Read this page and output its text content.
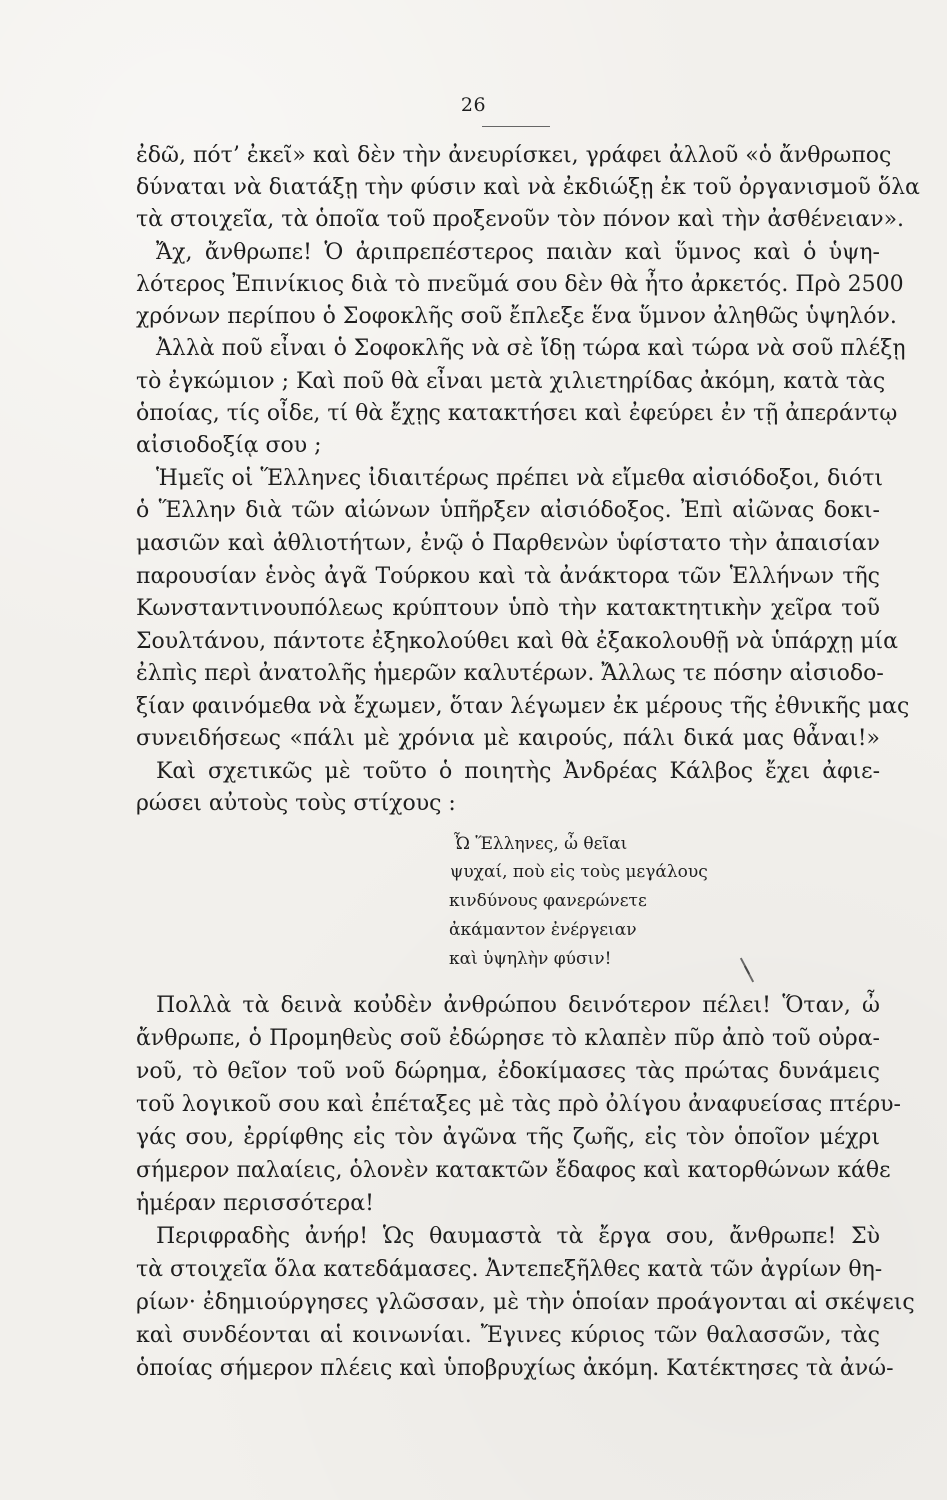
26
ἐδῶ, πότ’ ἐκεῖ» καὶ δὲν τὴν ἀνευρίσκει, γράφει ἀλλοῦ «ὁ ἄνθρωπος
δύναται νὰ διατάξῃ τὴν φύσιν καὶ νὰ ἐκδιώξῃ ἐκ τοῦ ὀργανισμοῦ ὅλα
τὰ στοιχεῖα, τὰ ὁποῖα τοῦ προξενοῦν τὸν πόνον καὶ τὴν ἀσθένειαν».
Ἄχ, ἄνθρωπε! Ὁ ἀριπρεπέστερος παιὰν καὶ ὕμνος καὶ ὁ ὑψη-
λότερος Ἐπινίκιος διὰ τὸ πνεῦμά σου δὲν θὰ ἦτο ἀρκετός. Πρὸ 2500
χρόνων περίπου ὁ Σοφοκλῆς σοῦ ἔπλεξε ἕνα ὕμνον ἀληθῶς ὑψηλόν.
Ἀλλὰ ποῦ εἶναι ὁ Σοφοκλῆς νὰ σὲ ἴδῃ τώρα καὶ τώρα νὰ σοῦ πλέξῃ
τὸ ἐγκώμιον ; Καὶ ποῦ θὰ εἶναι μετὰ χιλιετηρίδας ἀκόμη, κατὰ τὰς
ὁποίας, τίς οἶδε, τί θὰ ἔχῃς κατακτήσει καὶ ἐφεύρει ἐν τῇ ἀπεράντῳ
αἰσιοδοξίᾳ σου ;
Ἡμεῖς οἱ Ἕλληνες ἰδιαιτέρως πρέπει νὰ εἴμεθα αἰσιόδοξοι, διότι
ὁ Ἕλλην διὰ τῶν αἰώνων ὑπῆρξεν αἰσιόδοξος. Ἐπὶ αἰῶνας δοκι-
μασιῶν καὶ ἀθλιοτήτων, ἐνῷ ὁ Παρθενὼν ὑφίστατο τὴν ἀπαισίαν
παρουσίαν ἑνὸς ἀγᾶ Τούρκου καὶ τὰ ἀνάκτορα τῶν Ἑλλήνων τῆς
Κωνσταντινουπόλεως κρύπτουν ὑπὸ τὴν κατακτητικὴν χεῖρα τοῦ
Σουλτάνου, πάντοτε ἐξηκολούθει καὶ θὰ ἐξακολουθῇ νὰ ὑπάρχῃ μία
ἐλπὶς περὶ ἀνατολῆς ἡμερῶν καλυτέρων. Ἄλλως τε πόσην αἰσιοδο-
ξίαν φαινόμεθα νὰ ἔχωμεν, ὅταν λέγωμεν ἐκ μέρους τῆς ἐθνικῆς μας
συνειδήσεως «πάλι μὲ χρόνια μὲ καιρούς, πάλι δικά μας θἆναι!»
Καὶ σχετικῶς μὲ τοῦτο ὁ ποιητὴς Ἀνδρέας Κάλβος ἔχει ἀφιε-
ρώσει αὐτοὺς τοὺς στίχους :
Ὦ Ἕλληνες, ὦ θεῖαι
ψυχαί, ποὺ εἰς τοὺς μεγάλους
κινδύνους φανερώνετε
ἀκάμαντον ἐνέργειαν
καὶ ὑψηλὴν φύσιν!
Πολλὰ τὰ δεινὰ κοὐδὲν ἀνθρώπου δεινότερον πέλει! Ὅταν, ὦ
ἄνθρωπε, ὁ Προμηθεὺς σοῦ ἐδώρησε τὸ κλαπὲν πῦρ ἀπὸ τοῦ οὐρα-
νοῦ, τὸ θεῖον τοῦ νοῦ δώρημα, ἐδοκίμασες τὰς πρώτας δυνάμεις
τοῦ λογικοῦ σου καὶ ἐπέταξες μὲ τὰς πρὸ ὀλίγου ἀναφυείσας πτέρυ-
γάς σου, ἐρρίφθης εἰς τὸν ἀγῶνα τῆς ζωῆς, εἰς τὸν ὁποῖον μέχρι
σήμερον παλαίεις, ὁλονὲν κατακτῶν ἔδαφος καὶ κατορθώνων κάθε
ἡμέραν περισσότερα!
Περιφραδὴς ἀνήρ! Ὡς θαυμαστὰ τὰ ἔργα σου, ἄνθρωπε! Σὺ
τὰ στοιχεῖα ὅλα κατεδάμασες. Ἀντεπεξῆλθες κατὰ τῶν ἀγρίων θη-
ρίων· ἐδημιούργησες γλῶσσαν, μὲ τὴν ὁποίαν προάγονται αἱ σκέψεις
καὶ συνδέονται αἱ κοινωνίαι. Ἔγινες κύριος τῶν θαλασσῶν, τὰς
ὁποίας σήμερον πλέεις καὶ ὑποβρυχίως ἀκόμη. Κατέκτησες τὰ ἀνώ-
